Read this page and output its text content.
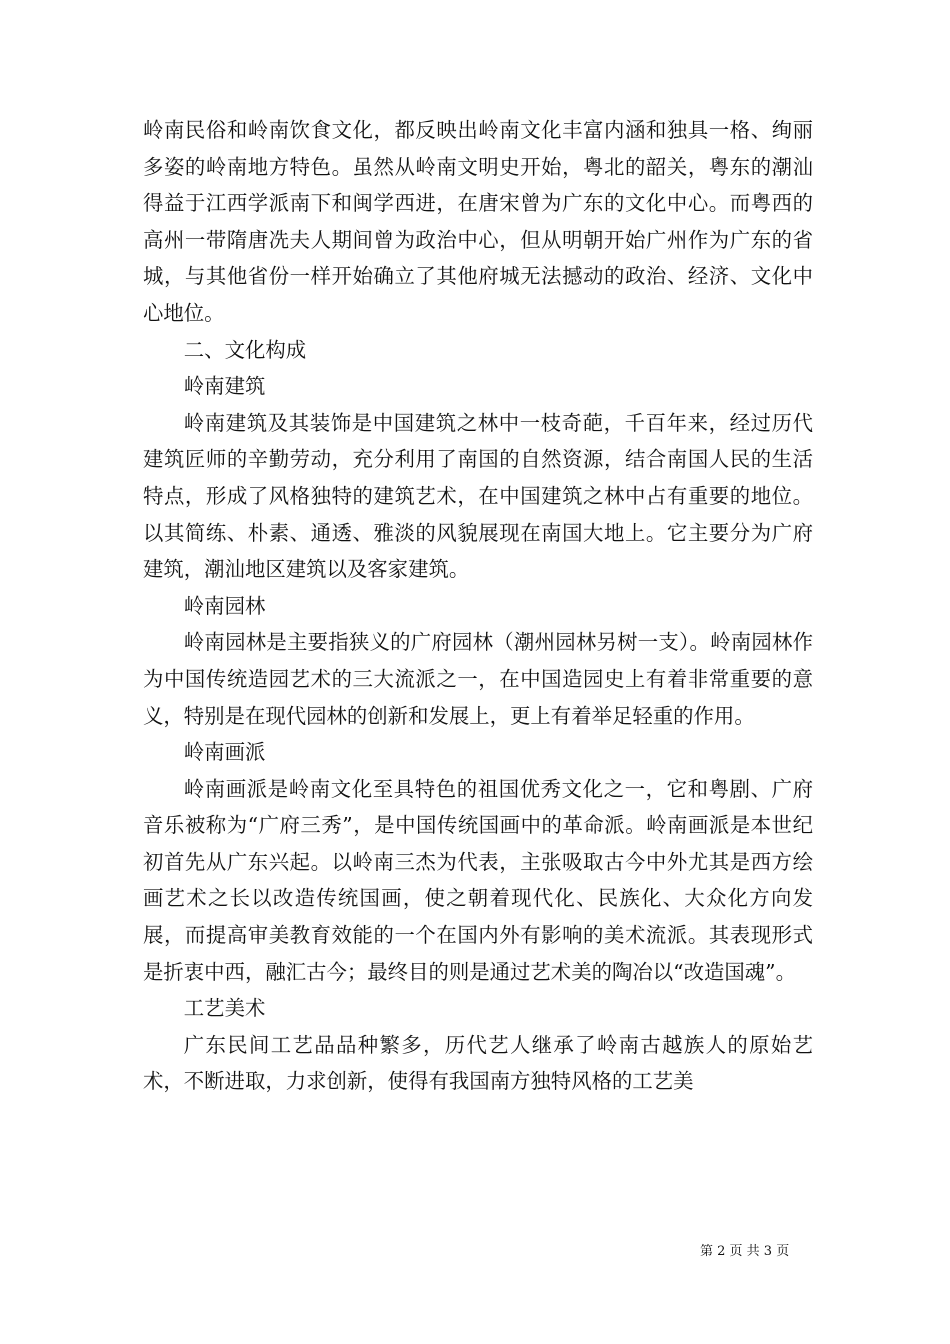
岭南民俗和岭南饮食文化，都反映出岭南文化丰富内涵和独具一格、绚丽多姿的岭南地方特色。虽然从岭南文明史开始，粤北的韶关，粤东的潮汕得益于江西学派南下和闽学西进，在唐宋曾为广东的文化中心。而粤西的高州一带隋唐冼夫人期间曾为政治中心，但从明朝开始广州作为广东的省城，与其他省份一样开始确立了其他府城无法撼动的政治、经济、文化中心地位。

二、文化构成

岭南建筑

岭南建筑及其装饰是中国建筑之林中一枝奇葩，千百年来，经过历代建筑匠师的辛勤劳动，充分利用了南国的自然资源，结合南国人民的生活特点，形成了风格独特的建筑艺术，在中国建筑之林中占有重要的地位。以其简练、朴素、通透、雅淡的风貌展现在南国大地上。它主要分为广府建筑，潮汕地区建筑以及客家建筑。

岭南园林

岭南园林是主要指狭义的广府园林（潮州园林另树一支）。岭南园林作为中国传统造园艺术的三大流派之一，在中国造园史上有着非常重要的意义，特别是在现代园林的创新和发展上，更上有着举足轻重的作用。

岭南画派

岭南画派是岭南文化至具特色的祖国优秀文化之一，它和粤剧、广府音乐被称为“广府三秀”，是中国传统国画中的革命派。岭南画派是本世纪初首先从广东兴起。以岭南三杰为代表，主张吸取古今中外尤其是西方绘画艺术之长以改造传统国画，使之朝着现代化、民族化、大众化方向发展，而提高审美教育效能的一个在国内外有影响的美术流派。其表现形式是折衷中西，融汇古今；最终目的则是通过艺术美的陶冶以“改造国魂”。

工艺美术

广东民间工艺品品种繁多，历代艺人继承了岭南古越族人的原始艺术，不断进取，力求创新，使得有我国南方独特风格的工艺美

第 2 页 共 3 页
